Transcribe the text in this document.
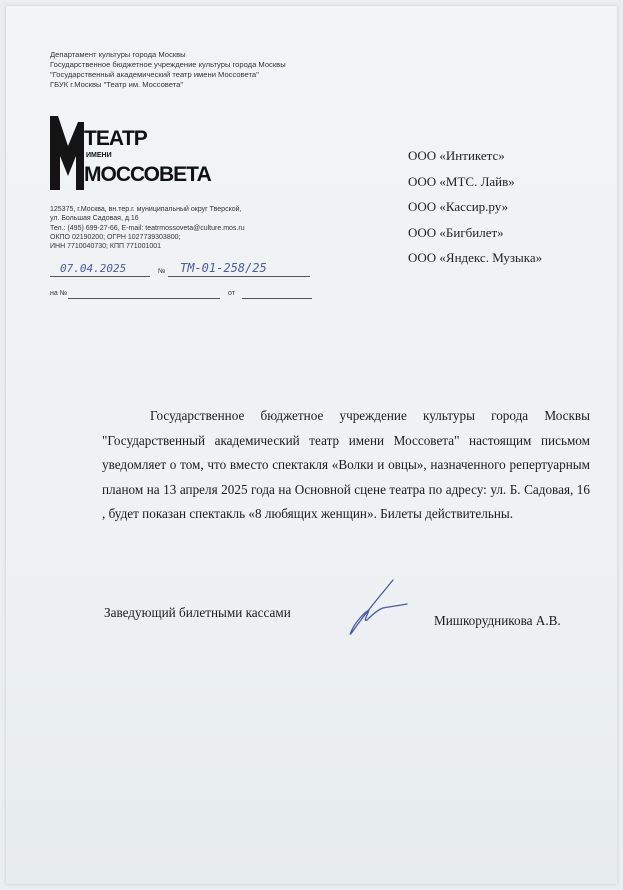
Департамент культуры города Москвы
Государственное бюджетное учреждение культуры города Москвы
"Государственный академический театр имени Моссовета"
ГБУК г.Москвы "Театр им. Моссовета"
ТЕАТР
ИМЕНИ
МОССОВЕТА
125375, г.Москва, вн.тер.г. муниципальный округ Тверской,
ул. Большая Садовая, д.16
Тел.: (495) 699-27-66, E-mail: teatrmossoveta@culture.mos.ru
ОКПО 02190200; ОГРН 1027739303800;
ИНН 7710040730; КПП 771001001
07.04.2025	№ ТМ-01-258/25
на №	от
ООО «Интикетс»
ООО «МТС. Лайв»
ООО «Кассир.ру»
ООО «Бигбилет»
ООО «Яндекс. Музыка»
Государственное бюджетное учреждение культуры города Москвы "Государственный академический театр имени Моссовета" настоящим письмом уведомляет о том, что вместо спектакля «Волки и овцы», назначенного репертуарным планом на 13 апреля 2025 года на Основной сцене театра по адресу: ул. Б. Садовая, 16 , будет показан спектакль «8 любящих женщин». Билеты действительны.
Заведующий билетными кассами
Мишкорудникова А.В.
